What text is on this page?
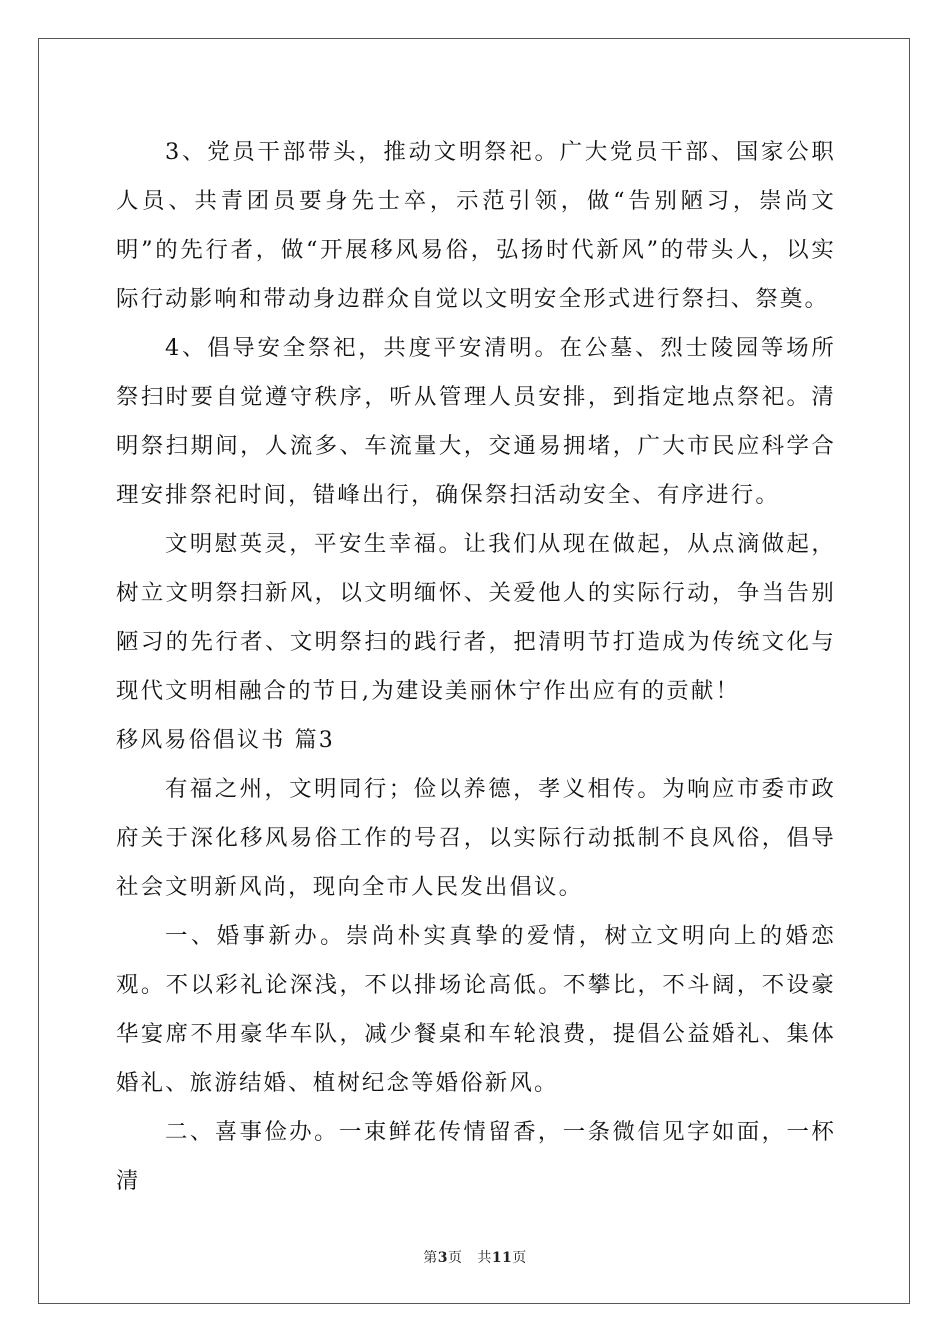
3、党员干部带头，推动文明祭祀。广大党员干部、国家公职人员、共青团员要身先士卒，示范引领，做“告别陋习，崇尚文明”的先行者，做“开展移风易俗，弘扬时代新风”的带头人，以实际行动影响和带动身边群众自觉以文明安全形式进行祭扫、祭奠。

4、倡导安全祭祀，共度平安清明。在公墓、烈士陵园等场所祭扫时要自觉遵守秩序，听从管理人员安排，到指定地点祭祀。清明祭扫期间，人流多、车流量大，交通易拥堵，广大市民应科学合理安排祭祀时间，错峰出行，确保祭扫活动安全、有序进行。

文明慰英灵，平安生幸福。让我们从现在做起，从点滴做起，树立文明祭扫新风，以文明缅怀、关爱他人的实际行动，争当告别陋习的先行者、文明祭扫的践行者，把清明节打造成为传统文化与现代文明相融合的节日,为建设美丽休宁作出应有的贡献！

移风易俗倡议书 篇3

有福之州，文明同行；俭以养德，孝义相传。为响应市委市政府关于深化移风易俗工作的号召，以实际行动抵制不良风俗，倡导社会文明新风尚，现向全市人民发出倡议。

一、婚事新办。崇尚朴实真挚的爱情，树立文明向上的婚恋观。不以彩礼论深浅，不以排场论高低。不攀比，不斗阔，不设豪华宴席不用豪华车队，减少餐桌和车轮浪费，提倡公益婚礼、集体婚礼、旅游结婚、植树纪念等婚俗新风。

二、喜事俭办。一束鲜花传情留香，一条微信见字如面，一杯清

第3页 共11页
